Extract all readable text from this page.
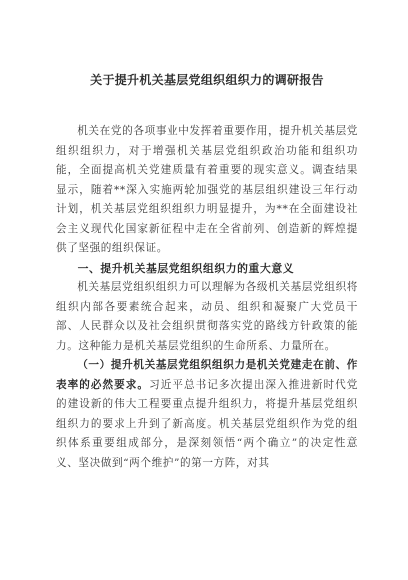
关于提升机关基层党组织组织力的调研报告

机关在党的各项事业中发挥着重要作用，提升机关基层党组织组织力，对于增强机关基层党组织政治功能和组织功能，全面提高机关党建质量有着重要的现实意义。调查结果显示，随着**深入实施两轮加强党的基层组织建设三年行动计划，机关基层党组织组织力明显提升，为**在全面建设社会主义现代化国家新征程中走在全省前列、创造新的辉煌提供了坚强的组织保证。

一、提升机关基层党组织组织力的重大意义

机关基层党组织组织力可以理解为各级机关基层党组织将组织内部各要素统合起来，动员、组织和凝聚广大党员干部、人民群众以及社会组织贯彻落实党的路线方针政策的能力。这种能力是机关基层党组织的生命所系、力量所在。

（一）提升机关基层党组织组织力是机关党建走在前、作表率的必然要求。习近平总书记多次提出深入推进新时代党的建设新的伟大工程要重点提升组织力，将提升基层党组织组织力的要求上升到了新高度。机关基层党组织作为党的组织体系重要组成部分，是深刻领悟“两个确立”的决定性意义、坚决做到“两个维护”的第一方阵，对其
